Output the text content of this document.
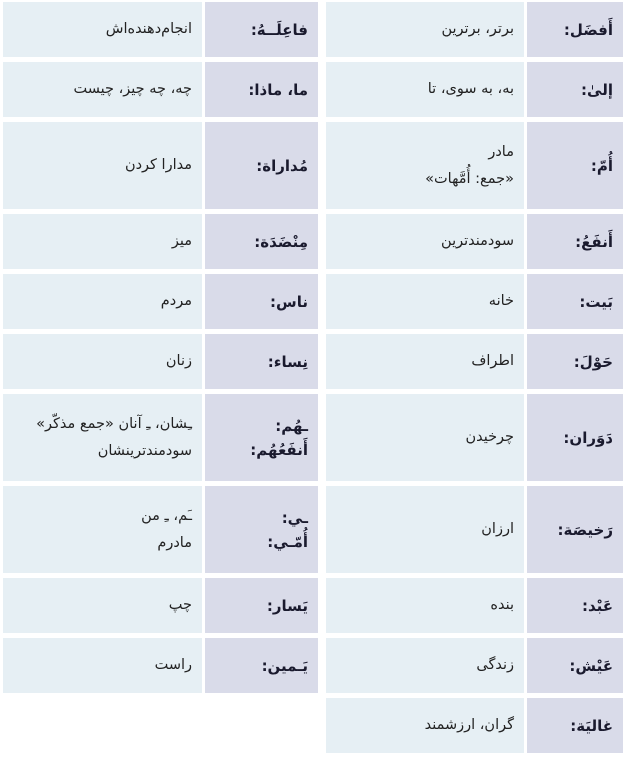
أَفضَل:
برتر، برترین
إلیٰ:
به، به سوی، تا
أُمّ:
مادر
«جمع: أُمَّهات»
أَنفَعُ:
سودمندترین
بَیت:
خانه
حَوْلَ:
اطراف
دَوَران:
چرخیدن
رَخیصَة:
ارزان
عَبْد:
بنده
عَیْش:
زندگی
غالیَة:
گران، ارزشمند
فاعِلَــهُ:
انجام‌دهنده‌اش
ما، ماذا:
چه، چه چیز، چیست
مُداراة:
مدارا کردن
مِنْضَدَة:
میز
ناس:
مردم
نِساء:
زنان
ـهُم:
أَنفَعُهُم:
ـِشان، ـِ آنان «جمع مذکّر»
سودمندترینشان
ـي:
أُمّـي:
ـَم، ـِ من
مادرم
يَسار:
چپ
يَـمين:
راست
